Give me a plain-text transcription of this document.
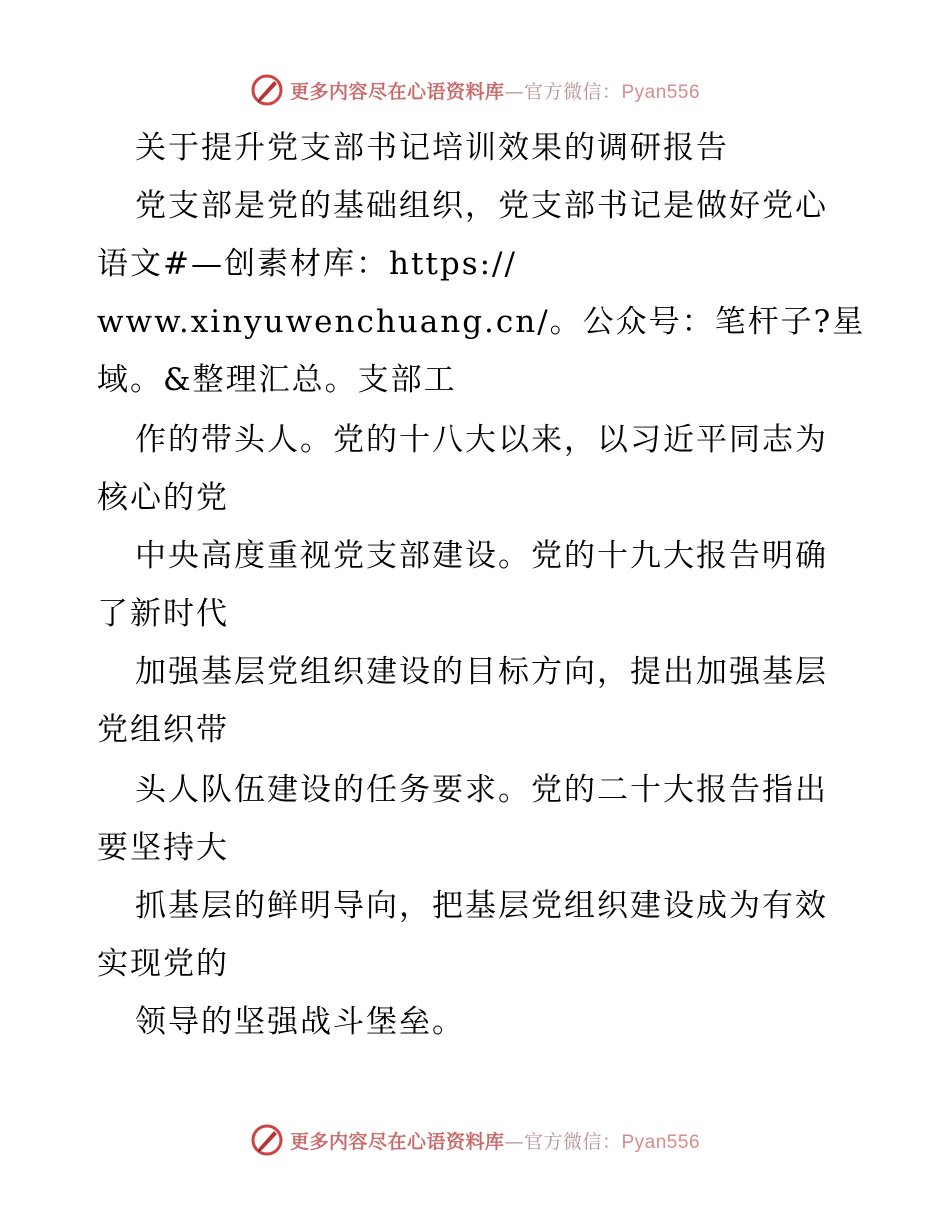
更多内容尽在心语资料库—官方微信：Pyan556
关于提升党支部书记培训效果的调研报告
党支部是党的基础组织，党支部书记是做好党心
语文#—创素材库：https://
www.xinyuwenchuang.cn/。公众号：笔杆子?星
域。&整理汇总。支部工
作的带头人。党的十八大以来，以习近平同志为
核心的党
中央高度重视党支部建设。党的十九大报告明确
了新时代
加强基层党组织建设的目标方向，提出加强基层
党组织带
头人队伍建设的任务要求。党的二十大报告指出
要坚持大
抓基层的鲜明导向，把基层党组织建设成为有效
实现党的
领导的坚强战斗堡垒。
更多内容尽在心语资料库—官方微信：Pyan556
